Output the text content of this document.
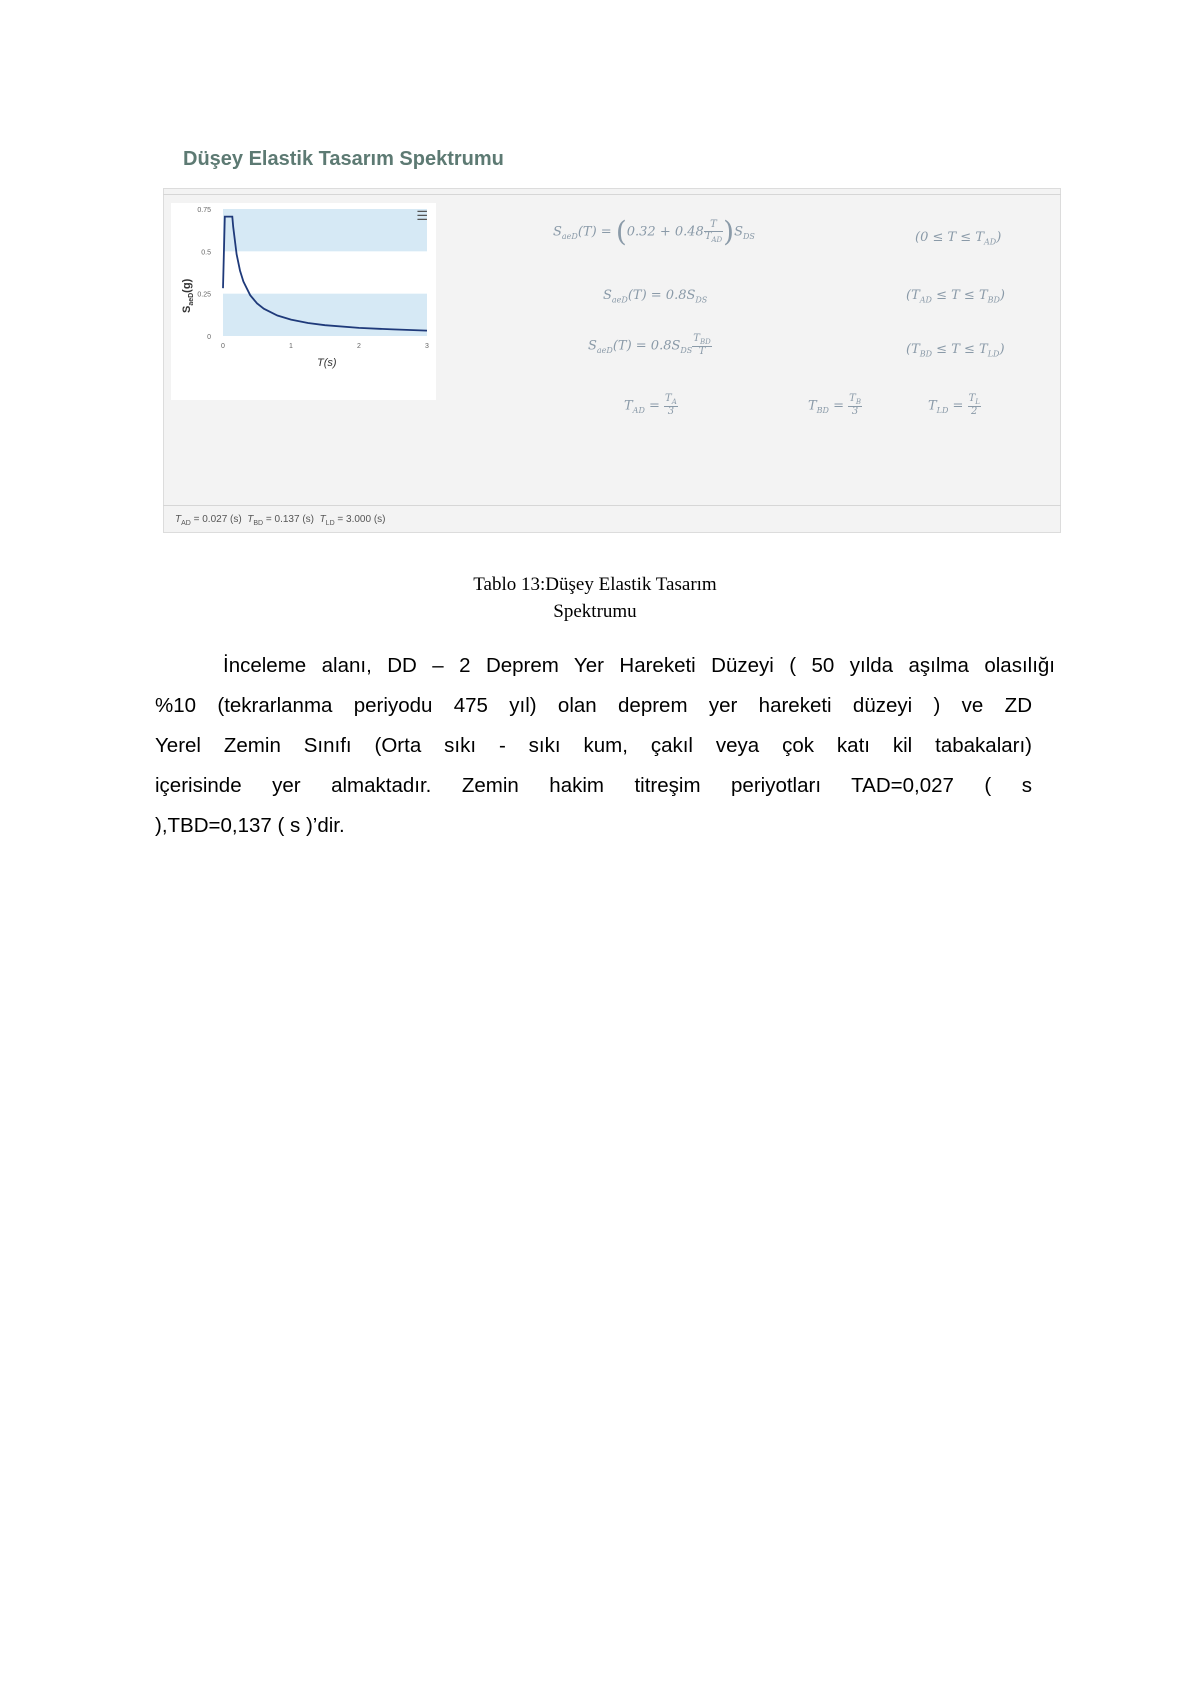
Düşey Elastik Tasarım Spektrumu
0
0.25
0.5
0.75
0	1	2	3
☰
$S_{aeD}(g)$
T(s)
$S_{aeD}(T) = (0.32 + 0.48 \frac{T}{T_{AD}} )S_{DS}$	$(0 \le T \le T_{AD})$
$S_{aeD}(T) = 0.8S_{DS}$	$(T_{AD} \le T \le T_{BD})$
$S_{aeD}(T) = 0.8S_{DS} \frac{T_{BD}}{T}$	$(T_{BD} \le T \le T_{LD})$
$T_{AD} = \frac{T_A}{3}$	$T_{BD} = \frac{T_B}{3}$	$T_{LD} = \frac{T_L}{2}$
$T_{AD} = 0.027$ (s) $T_{BD} = 0.137$ (s) $T_{LD} = 3.000$ (s)
Tablo 13:Düşey Elastik Tasarım
Spektrumu
İnceleme alanı, DD – 2 Deprem Yer Hareketi Düzeyi ( 50 yılda aşılma olasılığı
%10 (tekrarlanma periyodu 475 yıl) olan deprem yer hareketi düzeyi ) ve ZD
Yerel Zemin Sınıfı (Orta sıkı - sıkı kum, çakıl veya çok katı kil tabakaları)
içerisinde yer almaktadır. Zemin hakim titreşim periyotları TAD=0,027 ( s
),TBD=0,137 ( s )’dir.
